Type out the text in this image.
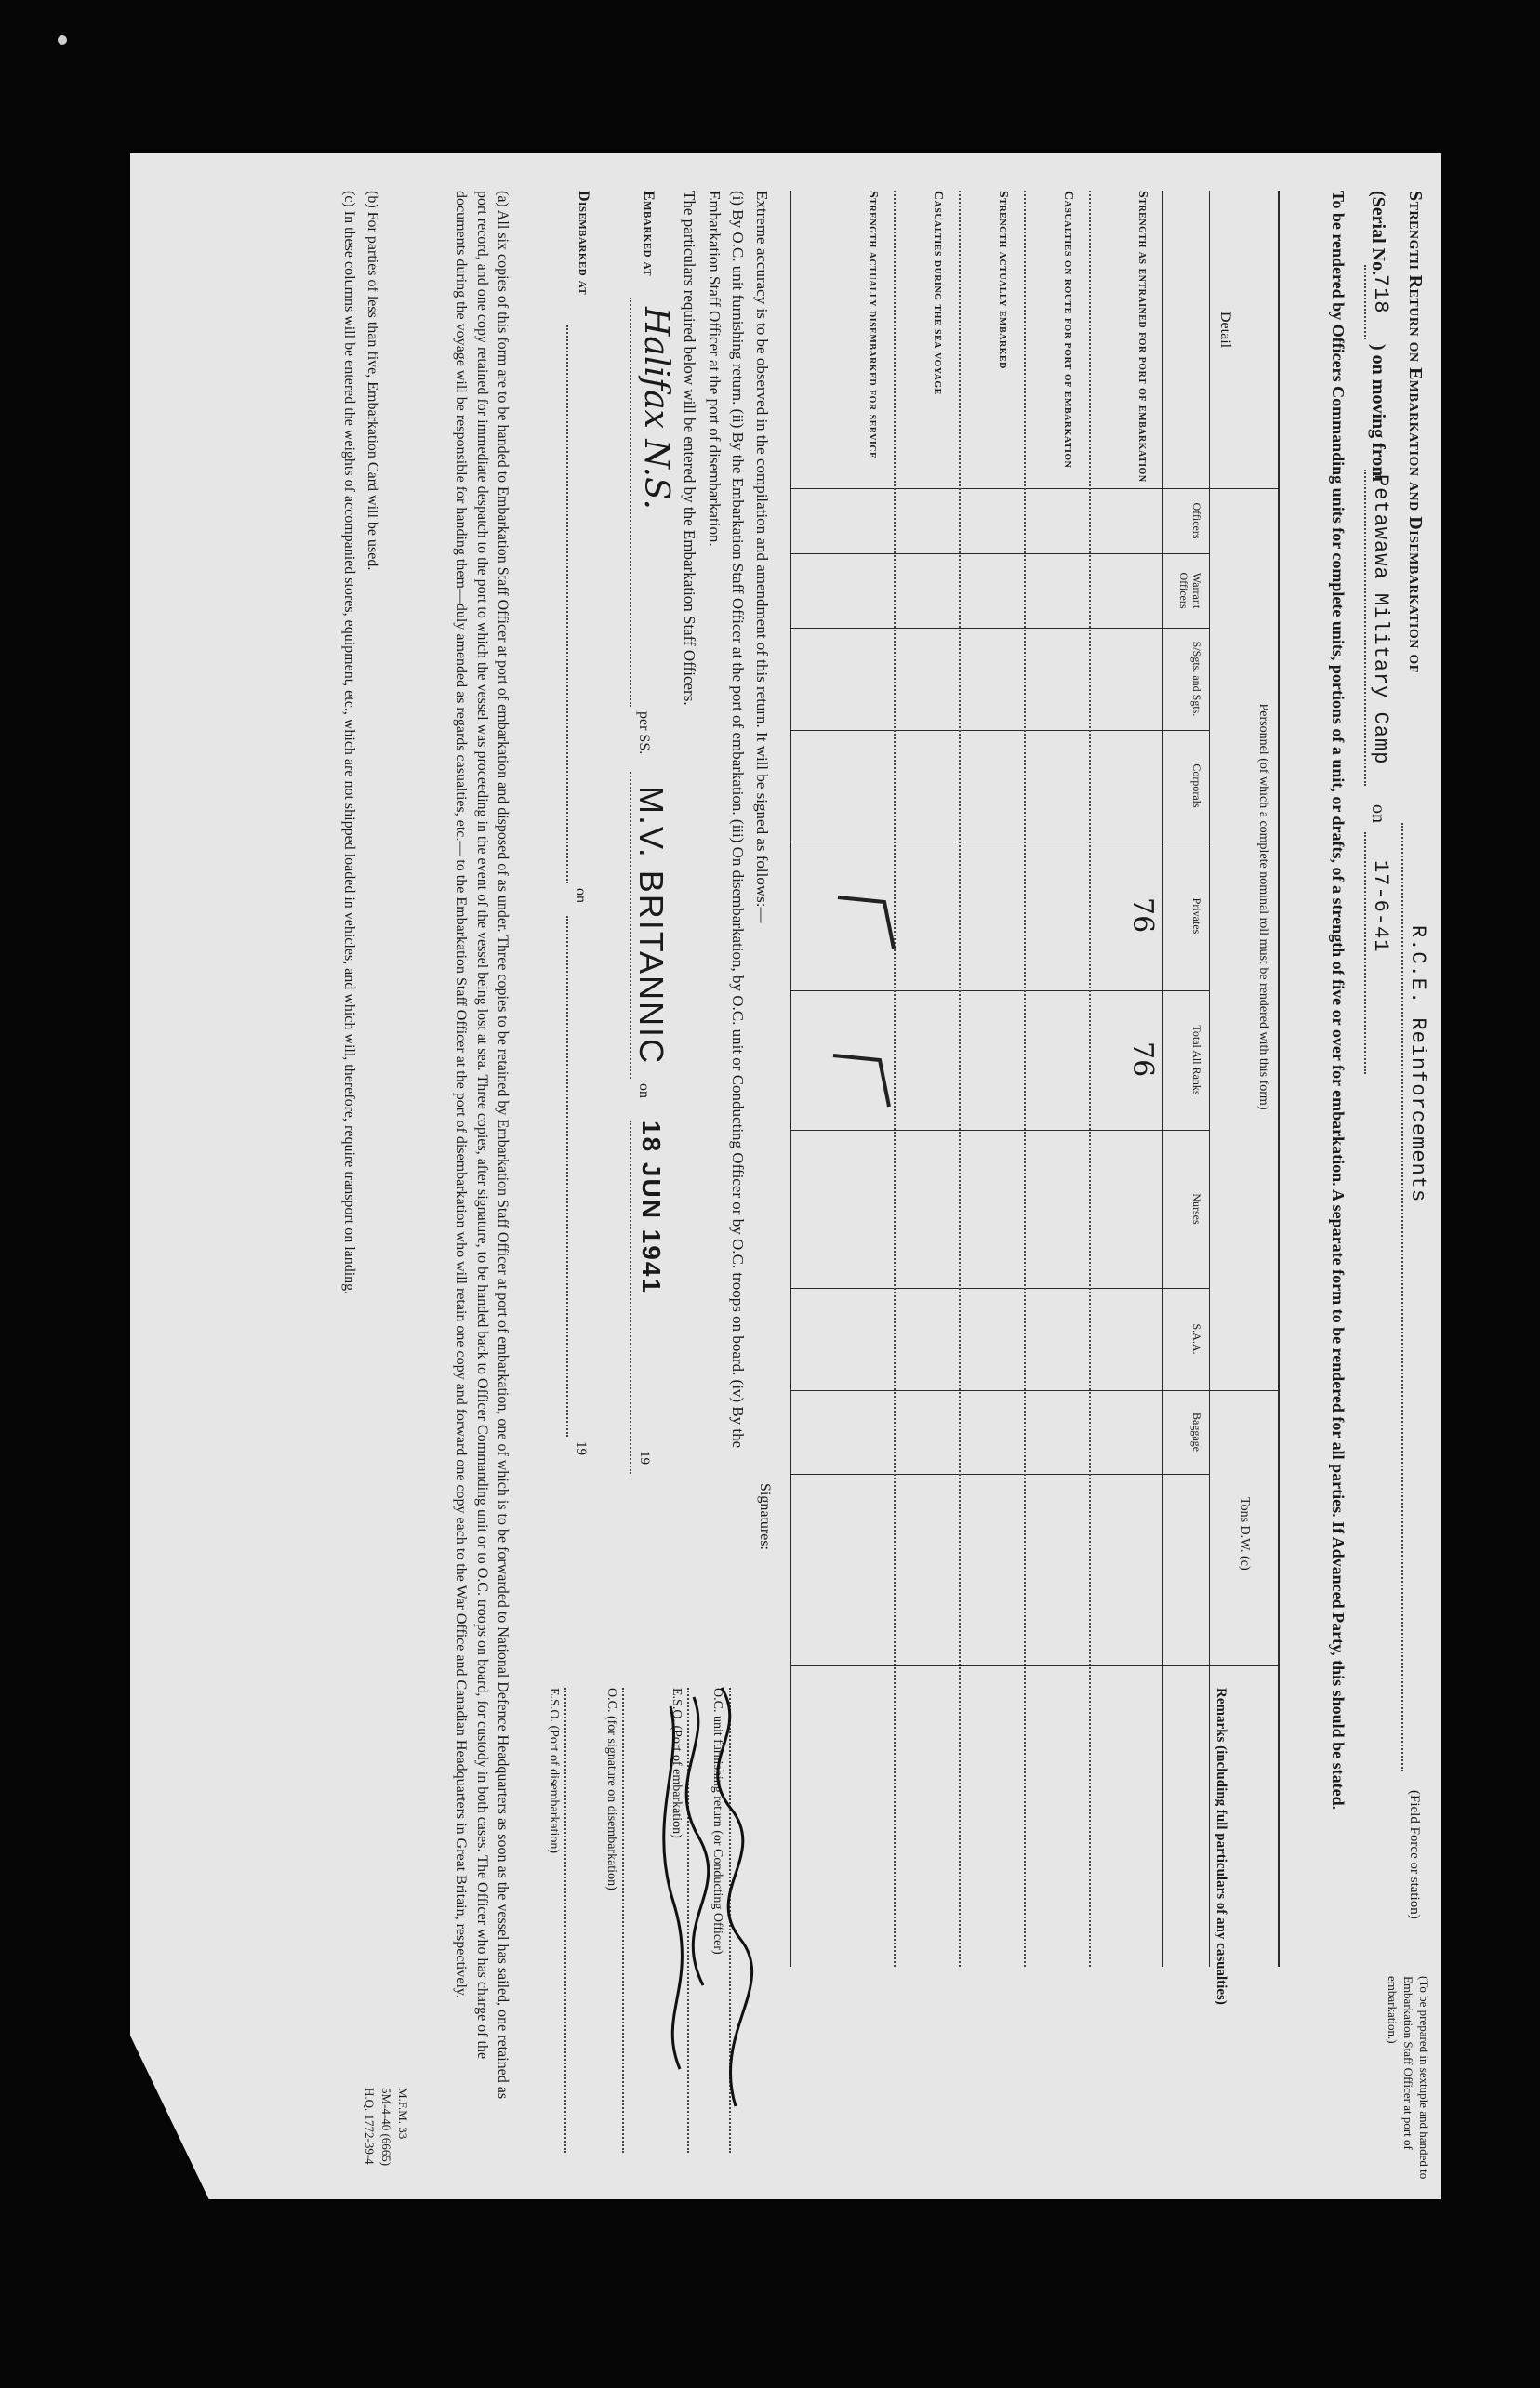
Strength Return on Embarkation and Disembarkation of
R.C.E. Reinforcements
(Field Force or station)
(To be prepared in sextuple and handed to Embarkation Staff Officer at port of embarkation.)
(Serial No.
718
) on moving from
Petawawa Military Camp
on
17-6-41
To be rendered by Officers Commanding units for complete units, portions of a unit, or drafts, of a strength of five or over for embarkation. A separate form to be rendered for all parties. If Advanced Party, this should be stated.
Detail
Personnel (of which a complete nominal roll must be rendered with this form)
Tons D.W. (c)
Remarks (including full particulars of any casualties)
Officers
Warrant Officers
S/Sgts. and Sgts.
Corporals
Privates
Total All Ranks
Nurses
S.A.A.
Baggage
Strength as entrained for port of embarkation
76
76
Casualties on route for port of embarkation
Strength actually embarked
Casualties during the sea voyage
Strength actually disembarked for service
Extreme accuracy is to be observed in the compilation and amendment of this return. It will be signed as follows:—
(i) By O.C. unit furnishing return. (ii) By the Embarkation Staff Officer at the port of embarkation. (iii) On disembarkation, by O.C. unit or Conducting Officer or by O.C. troops on board. (iv) By the Embarkation Staff Officer at the port of disembarkation.
The particulars required below will be entered by the Embarkation Staff Officers.
Signatures:
O.C. unit furnishing return (or Conducting Officer)
E.S.O. (Port of embarkation)
O.C. (for signature on disembarkation)
E.S.O. (Port of disembarkation)
Embarked at
Halifax N.S.
per SS.
M.V. BRITANNIC
on
18 JUN 1941
19
Disembarked at
on
19
(a) All six copies of this form are to be handed to Embarkation Staff Officer at port of embarkation and disposed of as under. Three copies to be retained by Embarkation Staff Officer at port of embarkation, one of which is to be forwarded to National Defence Headquarters as soon as the vessel has sailed, one retained as port record, and one copy retained for immediate despatch to the port to which the vessel was proceeding in the event of the vessel being lost at sea. Three copies, after signature, to be handed back to Officer Commanding unit or to O.C. troops on board, for custody in both cases. The Officer who has charge of the documents during the voyage will be responsible for handing them—duly amended as regards casualties, etc.— to the Embarkation Staff Officer at the port of disembarkation who will retain one copy and forward one copy each to the War Office and Canadian Headquarters in Great Britain, respectively.
(b) For parties of less than five, Embarkation Card will be used.
(c) In these columns will be entered the weights of accompanied stores, equipment, etc., which are not shipped loaded in vehicles, and which will, therefore, require transport on landing.
M.F.M. 33
5M-4-40 (6665)
H.Q. 1772-39-4
